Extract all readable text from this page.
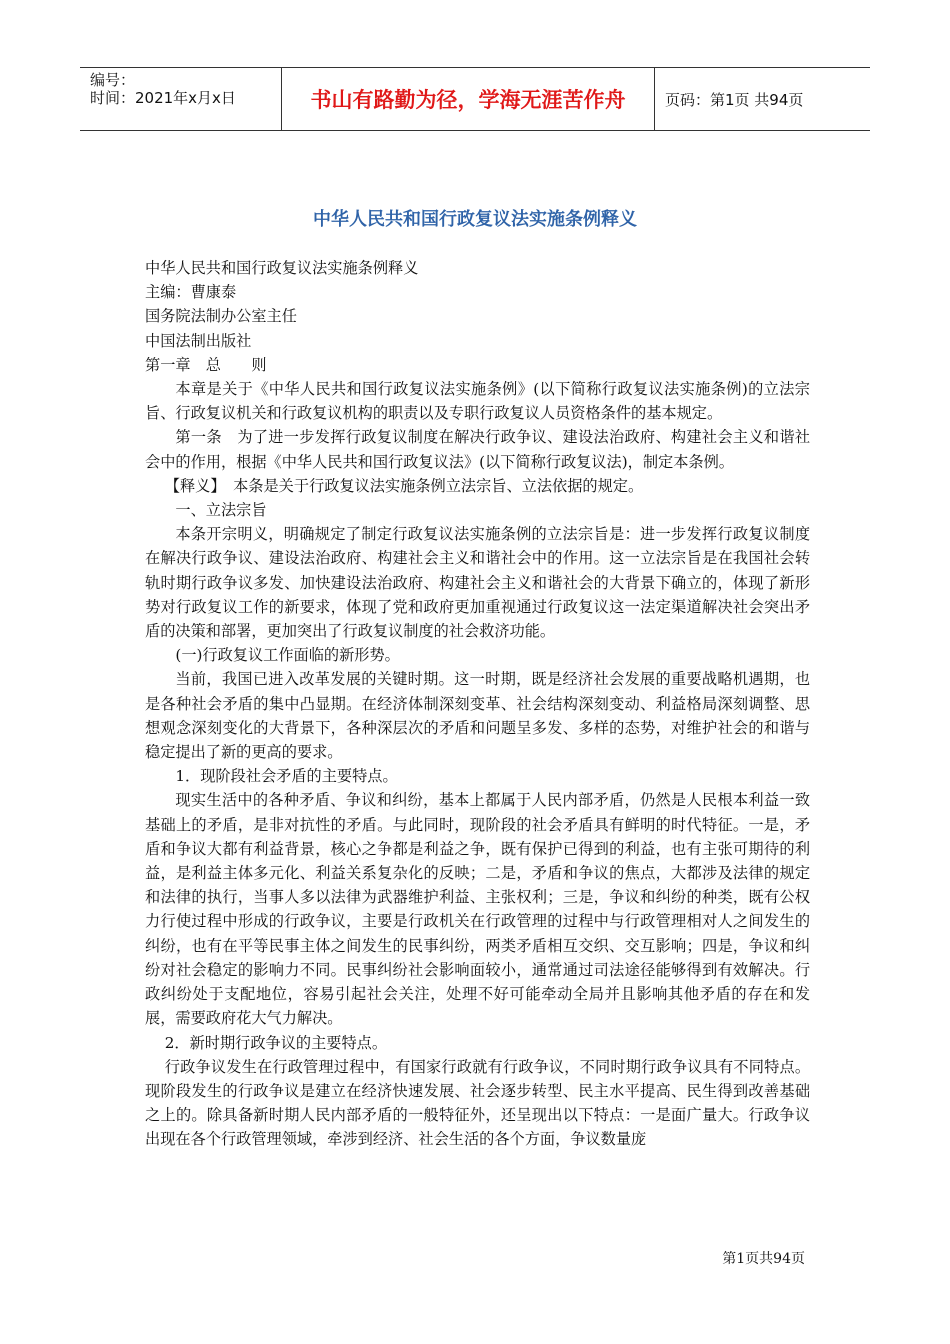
编号：
时间：2021年x月x日	书山有路勤为径，学海无涯苦作舟	页码：第1页 共94页
中华人民共和国行政复议法实施条例释义

中华人民共和国行政复议法实施条例释义

主编：曹康泰

国务院法制办公室主任

中国法制出版社

第一章　总　　则

本章是关于《中华人民共和国行政复议法实施条例》(以下简称行政复议法实施条例)的立法宗旨、行政复议机关和行政复议机构的职责以及专职行政复议人员资格条件的基本规定。

第一条　为了进一步发挥行政复议制度在解决行政争议、建设法治政府、构建社会主义和谐社会中的作用，根据《中华人民共和国行政复议法》(以下简称行政复议法)，制定本条例。

【释义】　本条是关于行政复议法实施条例立法宗旨、立法依据的规定。

一、立法宗旨

本条开宗明义，明确规定了制定行政复议法实施条例的立法宗旨是：进一步发挥行政复议制度在解决行政争议、建设法治政府、构建社会主义和谐社会中的作用。这一立法宗旨是在我国社会转轨时期行政争议多发、加快建设法治政府、构建社会主义和谐社会的大背景下确立的，体现了新形势对行政复议工作的新要求，体现了党和政府更加重视通过行政复议这一法定渠道解决社会突出矛盾的决策和部署，更加突出了行政复议制度的社会救济功能。

(一)行政复议工作面临的新形势。

当前，我国已进入改革发展的关键时期。这一时期，既是经济社会发展的重要战略机遇期，也是各种社会矛盾的集中凸显期。在经济体制深刻变革、社会结构深刻变动、利益格局深刻调整、思想观念深刻变化的大背景下，各种深层次的矛盾和问题呈多发、多样的态势，对维护社会的和谐与稳定提出了新的更高的要求。

1．现阶段社会矛盾的主要特点。

现实生活中的各种矛盾、争议和纠纷，基本上都属于人民内部矛盾，仍然是人民根本利益一致基础上的矛盾，是非对抗性的矛盾。与此同时，现阶段的社会矛盾具有鲜明的时代特征。一是，矛盾和争议大都有利益背景，核心之争都是利益之争，既有保护已得到的利益，也有主张可期待的利益，是利益主体多元化、利益关系复杂化的反映；二是，矛盾和争议的焦点，大都涉及法律的规定和法律的执行，当事人多以法律为武器维护利益、主张权利；三是，争议和纠纷的种类，既有公权力行使过程中形成的行政争议，主要是行政机关在行政管理的过程中与行政管理相对人之间发生的纠纷，也有在平等民事主体之间发生的民事纠纷，两类矛盾相互交织、交互影响；四是，争议和纠纷对社会稳定的影响力不同。民事纠纷社会影响面较小，通常通过司法途径能够得到有效解决。行政纠纷处于支配地位，容易引起社会关注，处理不好可能牵动全局并且影响其他矛盾的存在和发展，需要政府花大气力解决。

2．新时期行政争议的主要特点。

行政争议发生在行政管理过程中，有国家行政就有行政争议，不同时期行政争议具有不同特点。现阶段发生的行政争议是建立在经济快速发展、社会逐步转型、民主水平提高、民生得到改善基础之上的。除具备新时期人民内部矛盾的一般特征外，还呈现出以下特点：一是面广量大。行政争议出现在各个行政管理领域，牵涉到经济、社会生活的各个方面，争议数量庞

第1页共94页
